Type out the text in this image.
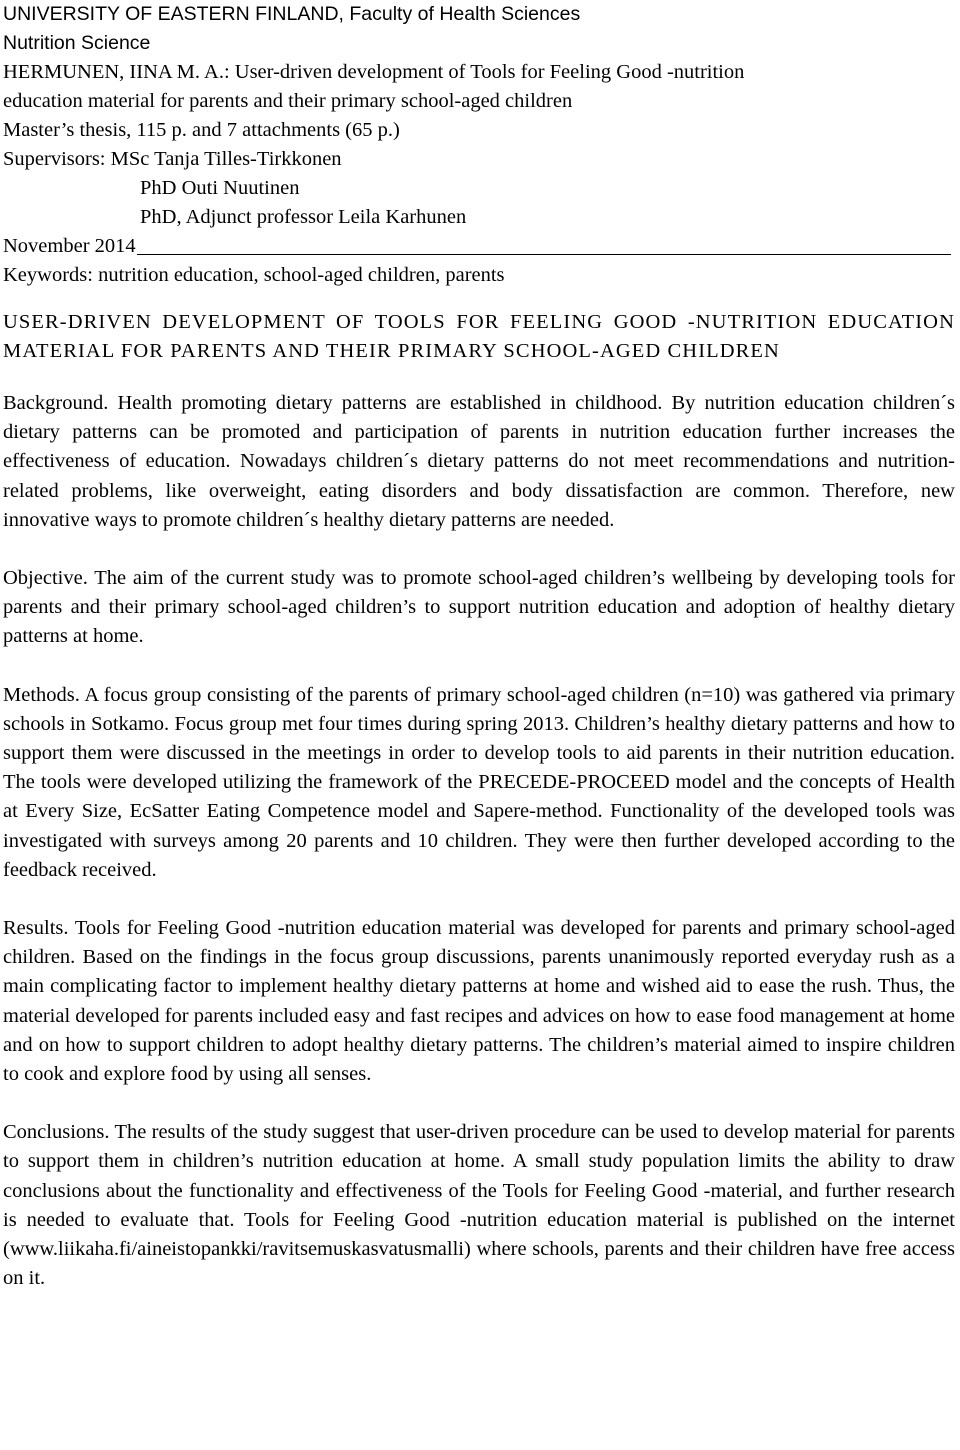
UNIVERSITY OF EASTERN FINLAND, Faculty of Health Sciences

Nutrition Science

HERMUNEN, IINA M. A.: User-driven development of Tools for Feeling Good -nutrition

education material for parents and their primary school-aged children

Master’s thesis, 115 p. and 7 attachments (65 p.)

Supervisors: MSc Tanja Tilles-Tirkkonen

PhD Outi Nuutinen

PhD, Adjunct professor Leila Karhunen

November 2014

Keywords: nutrition education, school-aged children, parents

USER-DRIVEN DEVELOPMENT OF TOOLS FOR FEELING GOOD -NUTRITION EDUCATION MATERIAL FOR PARENTS AND THEIR PRIMARY SCHOOL-AGED CHILDREN

Background. Health promoting dietary patterns are established in childhood. By nutrition education children´s dietary patterns can be promoted and participation of parents in nutrition education further increases the effectiveness of education. Nowadays children´s dietary patterns do not meet recommendations and nutrition-related problems, like overweight, eating disorders and body dissatisfaction are common. Therefore, new innovative ways to promote children´s healthy dietary patterns are needed.

Objective. The aim of the current study was to promote school-aged children’s wellbeing by developing tools for parents and their primary school-aged children’s to support nutrition education and adoption of healthy dietary patterns at home.

Methods. A focus group consisting of the parents of primary school-aged children (n=10) was gathered via primary schools in Sotkamo. Focus group met four times during spring 2013. Children’s healthy dietary patterns and how to support them were discussed in the meetings in order to develop tools to aid parents in their nutrition education. The tools were developed utilizing the framework of the PRECEDE-PROCEED model and the concepts of Health at Every Size, EcSatter Eating Competence model and Sapere-method. Functionality of the developed tools was investigated with surveys among 20 parents and 10 children. They were then further developed according to the feedback received.

Results. Tools for Feeling Good -nutrition education material was developed for parents and primary school-aged children. Based on the findings in the focus group discussions, parents unanimously reported everyday rush as a main complicating factor to implement healthy dietary patterns at home and wished aid to ease the rush. Thus, the material developed for parents included easy and fast recipes and advices on how to ease food management at home and on how to support children to adopt healthy dietary patterns. The children’s material aimed to inspire children to cook and explore food by using all senses.

Conclusions. The results of the study suggest that user-driven procedure can be used to develop material for parents to support them in children’s nutrition education at home. A small study population limits the ability to draw conclusions about the functionality and effectiveness of the Tools for Feeling Good -material, and further research is needed to evaluate that. Tools for Feeling Good -nutrition education material is published on the internet (www.liikaha.fi/aineistopankki/ravitsemuskasvatusmalli) where schools, parents and their children have free access on it.
